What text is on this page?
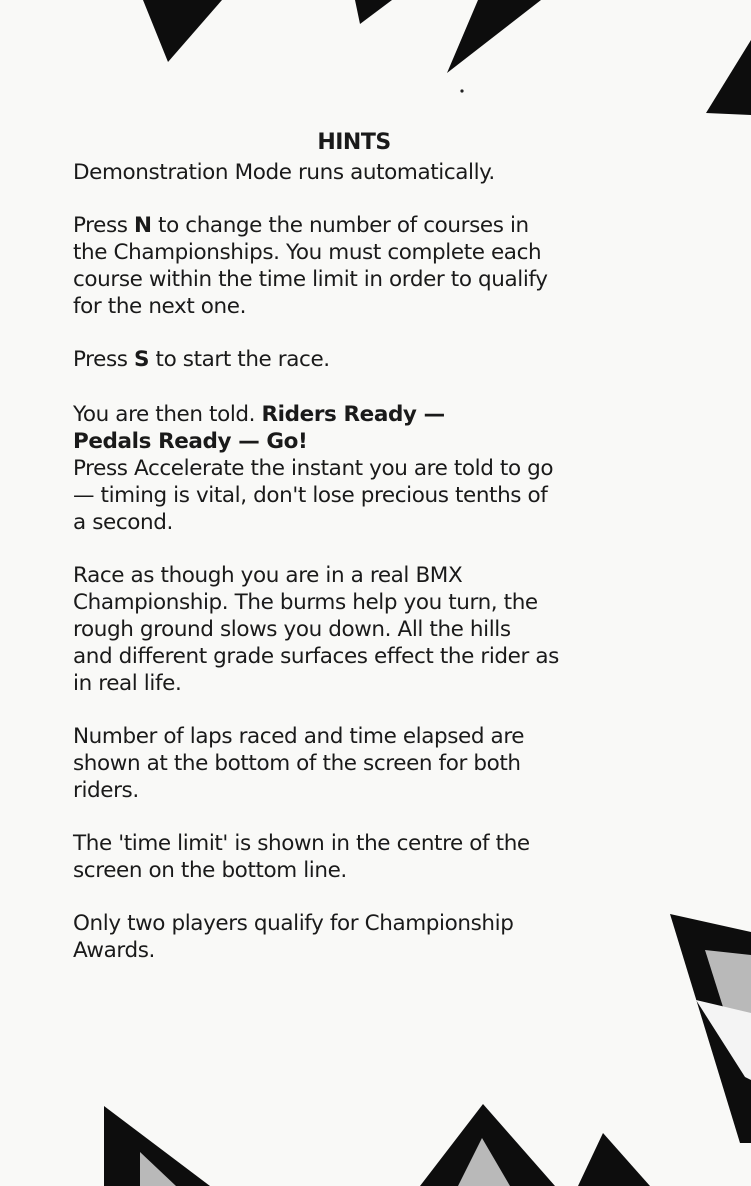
HINTS

Demonstration Mode runs automatically.

Press N to change the number of courses in
the Championships. You must complete each
course within the time limit in order to qualify
for the next one.

Press S to start the race.

You are then told. Riders Ready —
Pedals Ready — Go!
Press Accelerate the instant you are told to go
— timing is vital, don't lose precious tenths of
a second.

Race as though you are in a real BMX
Championship. The burms help you turn, the
rough ground slows you down. All the hills
and different grade surfaces effect the rider as
in real life.

Number of laps raced and time elapsed are
shown at the bottom of the screen for both
riders.

The 'time limit' is shown in the centre of the
screen on the bottom line.

Only two players qualify for Championship
Awards.
